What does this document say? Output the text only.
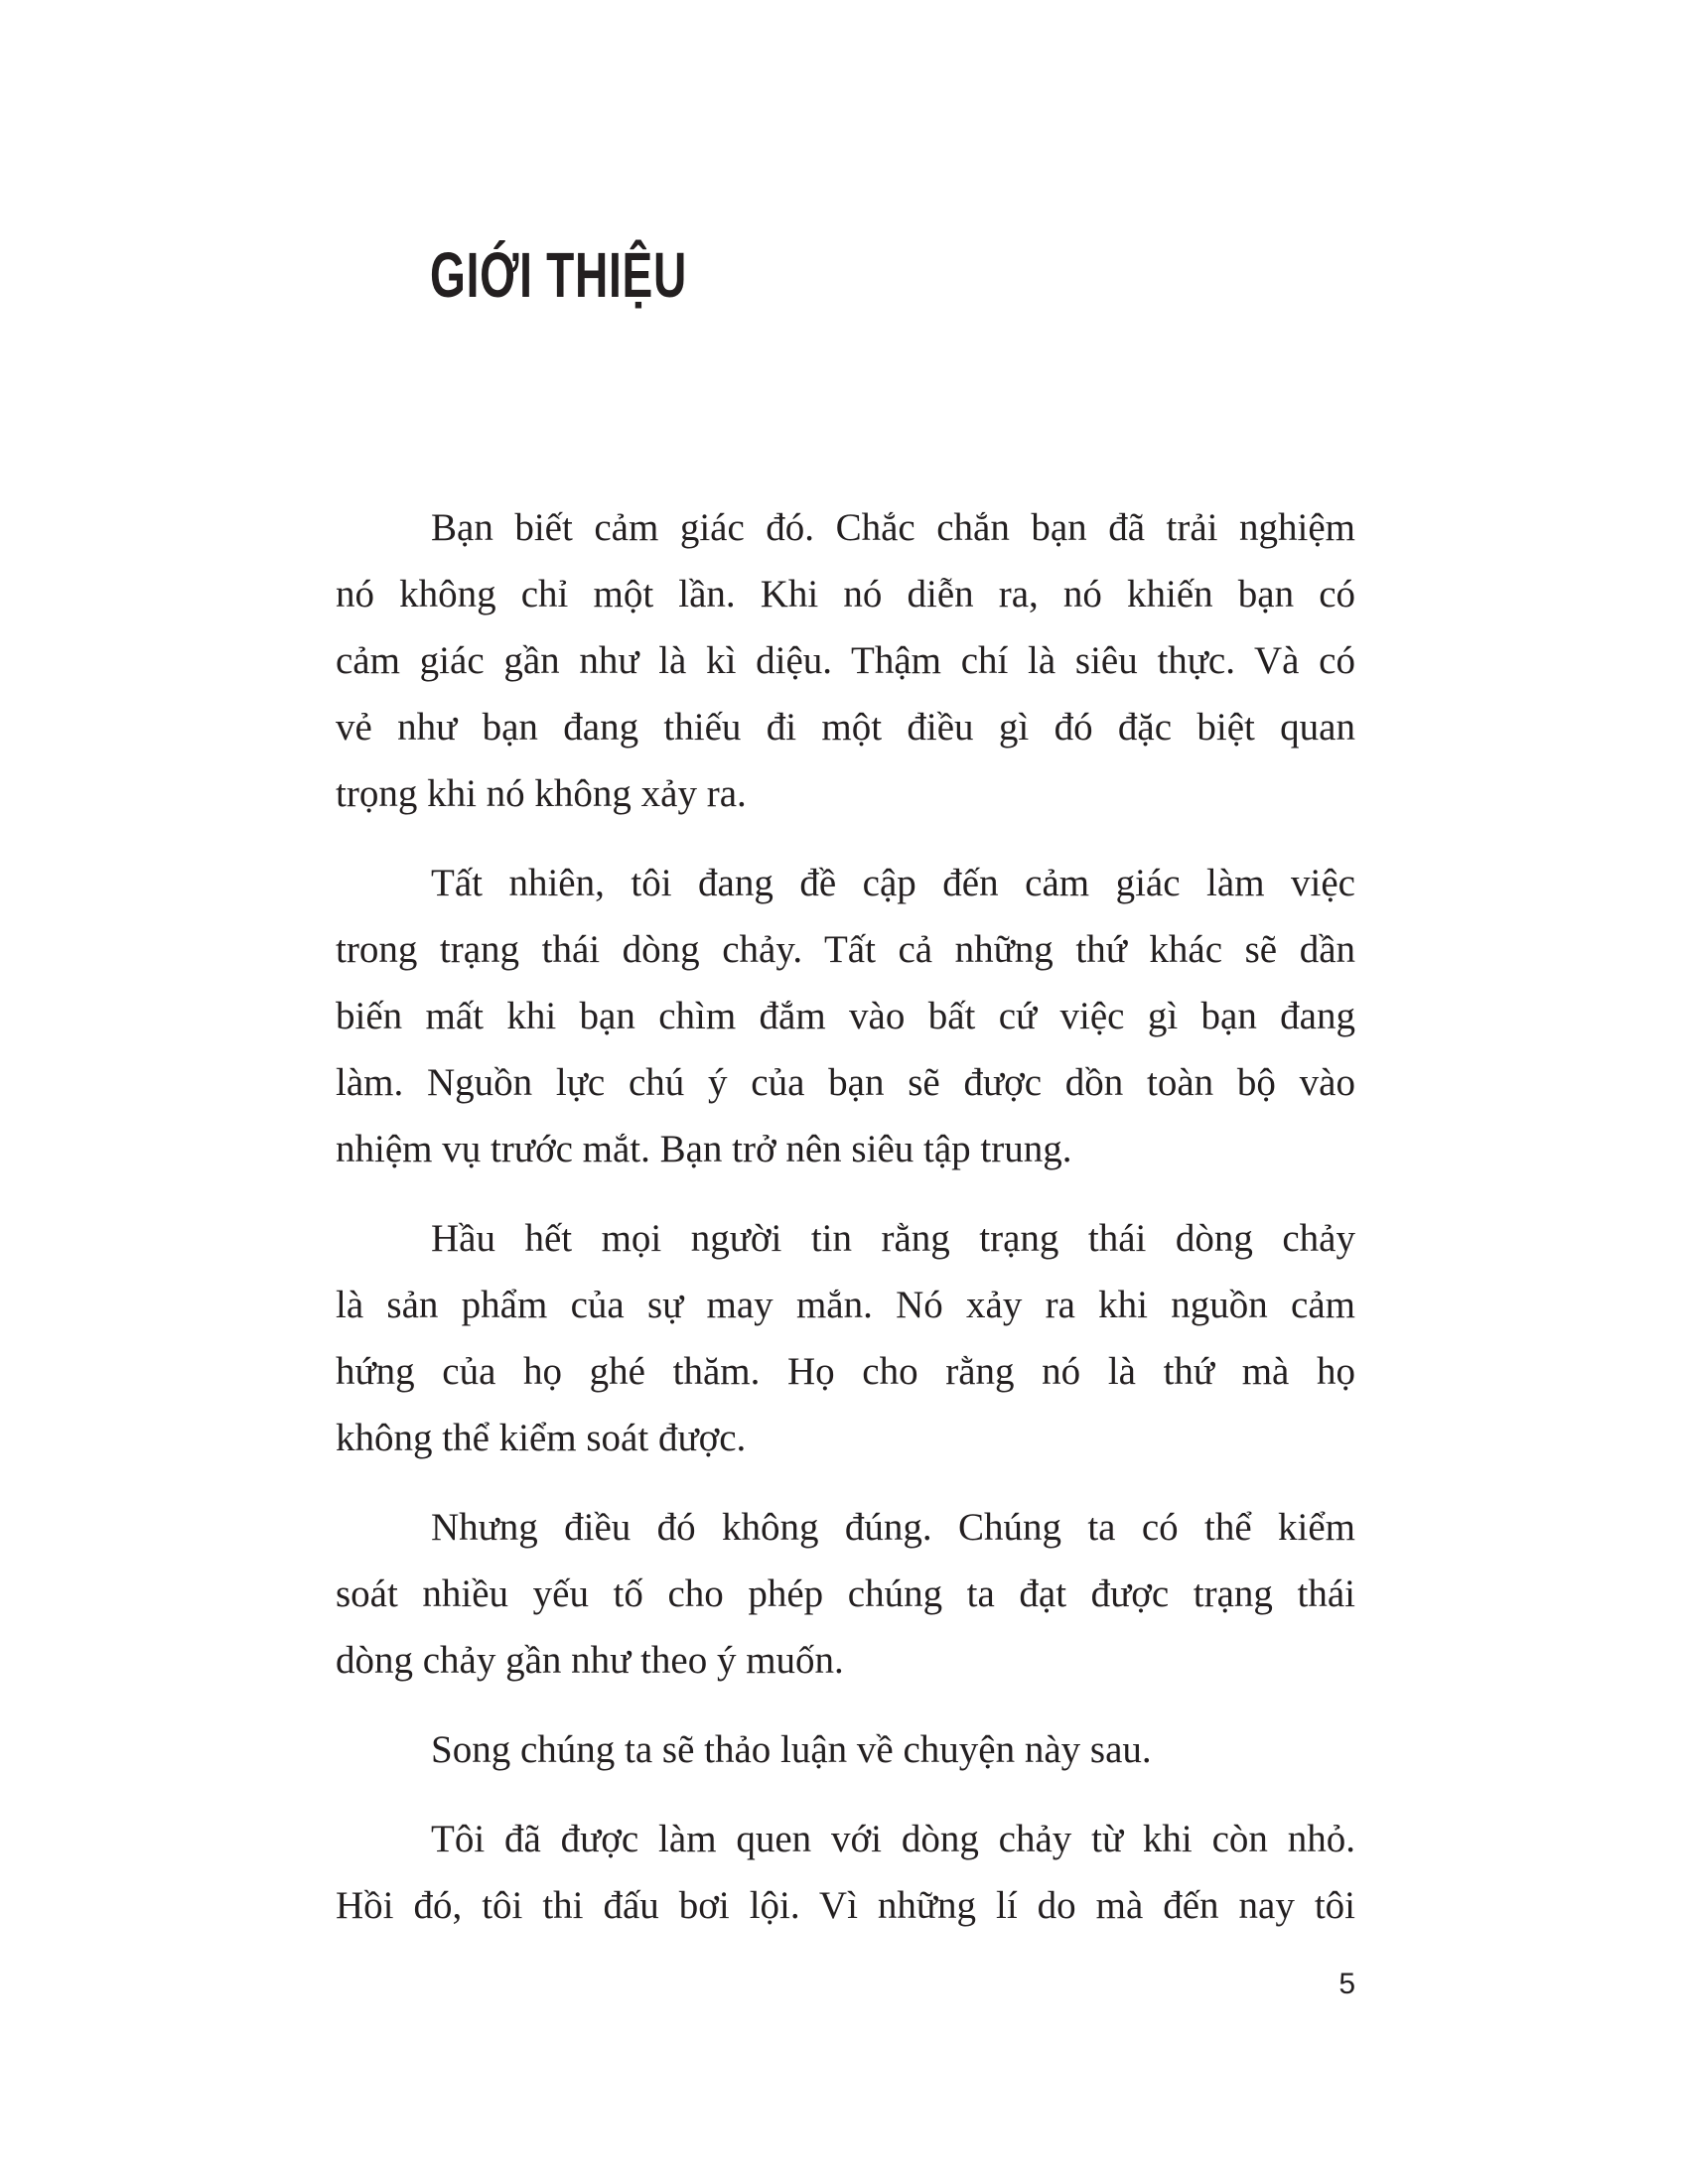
GIỚI THIỆU

Bạn biết cảm giác đó. Chắc chắn bạn đã trải nghiệm
nó không chỉ một lần. Khi nó diễn ra, nó khiến bạn có
cảm giác gần như là kì diệu. Thậm chí là siêu thực. Và có
vẻ như bạn đang thiếu đi một điều gì đó đặc biệt quan
trọng khi nó không xảy ra.

Tất nhiên, tôi đang đề cập đến cảm giác làm việc
trong trạng thái dòng chảy. Tất cả những thứ khác sẽ dần
biến mất khi bạn chìm đắm vào bất cứ việc gì bạn đang
làm. Nguồn lực chú ý của bạn sẽ được dồn toàn bộ vào
nhiệm vụ trước mắt. Bạn trở nên siêu tập trung.

Hầu hết mọi người tin rằng trạng thái dòng chảy
là sản phẩm của sự may mắn. Nó xảy ra khi nguồn cảm
hứng của họ ghé thăm. Họ cho rằng nó là thứ mà họ
không thể kiểm soát được.

Nhưng điều đó không đúng. Chúng ta có thể kiểm
soát nhiều yếu tố cho phép chúng ta đạt được trạng thái
dòng chảy gần như theo ý muốn.

Song chúng ta sẽ thảo luận về chuyện này sau.

Tôi đã được làm quen với dòng chảy từ khi còn nhỏ.
Hồi đó, tôi thi đấu bơi lội. Vì những lí do mà đến nay tôi

5
